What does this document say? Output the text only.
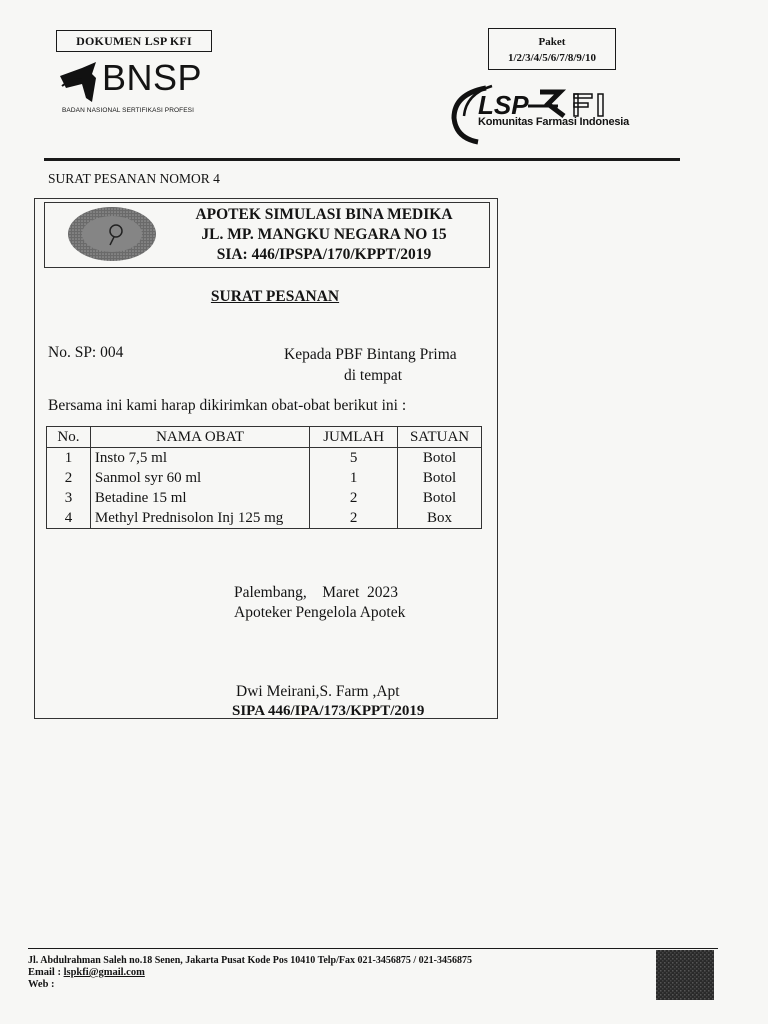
DOKUMEN LSP KFI
BNSP
BADAN NASIONAL SERTIFIKASI PROFESI
Paket
1/2/3/4/5/6/7/8/9/10
LSP
Komunitas Farmasi Indonesia
SURAT PESANAN NOMOR 4
APOTEK SIMULASI BINA MEDIKA
JL. MP. MANGKU NEGARA NO 15
SIA: 446/IPSPA/170/KPPT/2019
SURAT PESANAN
No. SP: 004	Kepada PBF Bintang Prima
di tempat
Bersama ini kami harap dikirimkan obat-obat berikut ini :
No.	NAMA OBAT	JUMLAH	SATUAN
1	Insto 7,5 ml	5	Botol
2	Sanmol syr 60 ml	1	Botol
3	Betadine 15 ml	2	Botol
4	Methyl Prednisolon Inj 125 mg	2	Box
Palembang,    Maret  2023
Apoteker Pengelola Apotek
Dwi Meirani,S. Farm ,Apt
SIPA 446/IPA/173/KPPT/2019
Jl. Abdulrahman Saleh no.18 Senen, Jakarta Pusat Kode Pos 10410 Telp/Fax 021-3456875 / 021-3456875
Email : lspkfi@gmail.com
Web :
